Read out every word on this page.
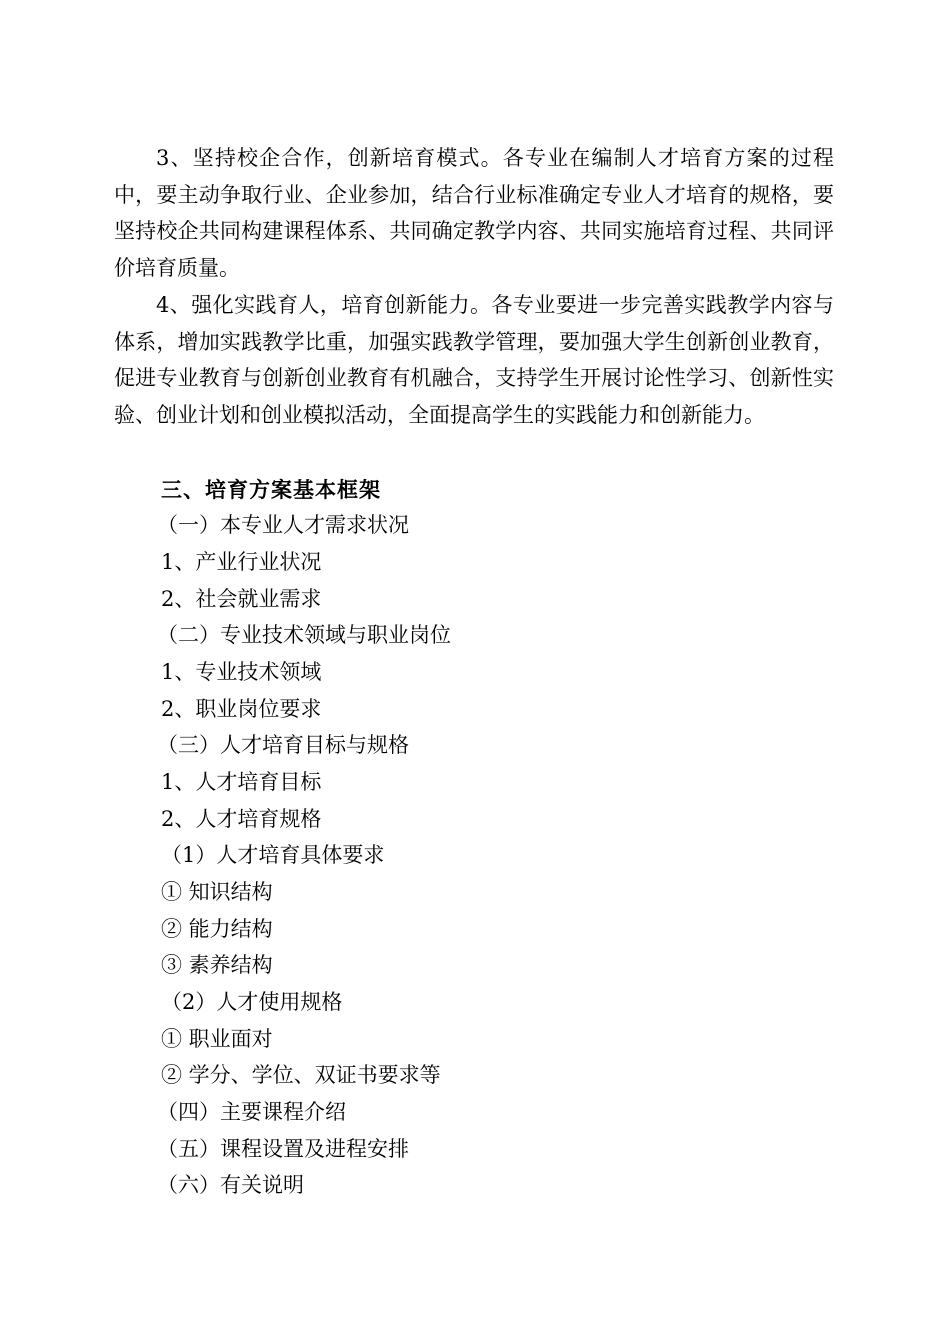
3、坚持校企合作，创新培育模式。各专业在编制人才培育方案的过程中，要主动争取行业、企业参加，结合行业标准确定专业人才培育的规格，要坚持校企共同构建课程体系、共同确定教学内容、共同实施培育过程、共同评价培育质量。

4、强化实践育人，培育创新能力。各专业要进一步完善实践教学内容与体系，增加实践教学比重，加强实践教学管理，要加强大学生创新创业教育，促进专业教育与创新创业教育有机融合，支持学生开展讨论性学习、创新性实验、创业计划和创业模拟活动，全面提高学生的实践能力和创新能力。

三、培育方案基本框架

（一）本专业人才需求状况

1、产业行业状况

2、社会就业需求

（二）专业技术领域与职业岗位

1、专业技术领域

2、职业岗位要求

（三）人才培育目标与规格

1、人才培育目标

2、人才培育规格

（1）人才培育具体要求

① 知识结构

② 能力结构

③ 素养结构

（2）人才使用规格

① 职业面对

② 学分、学位、双证书要求等

（四）主要课程介绍

（五）课程设置及进程安排

（六）有关说明
